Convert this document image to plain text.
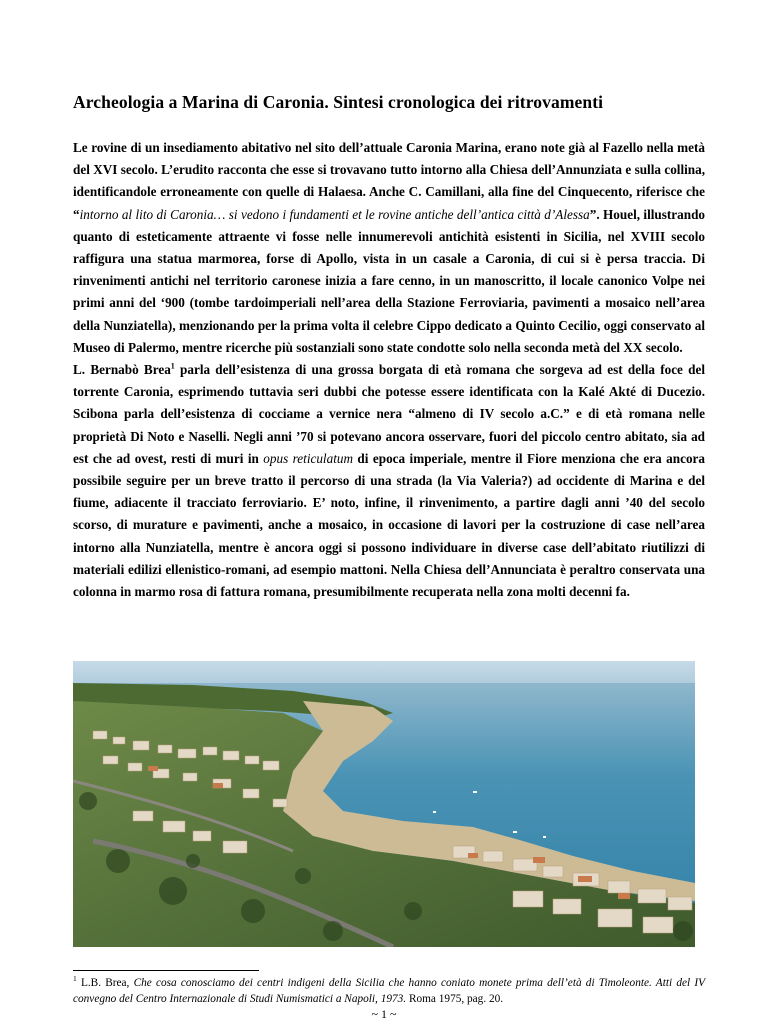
Archeologia a Marina di Caronia. Sintesi cronologica dei ritrovamenti

Le rovine di un insediamento abitativo nel sito dell’attuale Caronia Marina, erano note già al Fazello nella metà del XVI secolo. L’erudito racconta che esse si trovavano tutto intorno alla Chiesa dell’Annunziata e sulla collina, identificandole erroneamente con quelle di Halaesa. Anche C. Camillani, alla fine del Cinquecento, riferisce che “intorno al lito di Caronia… si vedono i fundamenti et le rovine antiche dell’antica città d’Alessa”. Houel, illustrando quanto di esteticamente attraente vi fosse nelle innumerevoli antichità esistenti in Sicilia, nel XVIII secolo raffigura una statua marmorea, forse di Apollo, vista in un casale a Caronia, di cui si è persa traccia. Di rinvenimenti antichi nel territorio caronese inizia a fare cenno, in un manoscritto, il locale canonico Volpe nei primi anni del ‘900 (tombe tardoimperiali nell’area della Stazione Ferroviaria, pavimenti a mosaico nell’area della Nunziatella), menzionando per la prima volta il celebre Cippo dedicato a Quinto Cecilio, oggi conservato al Museo di Palermo, mentre ricerche più sostanziali sono state condotte solo nella seconda metà del XX secolo.

L. Bernabò Brea$^1$ parla dell’esistenza di una grossa borgata di età romana che sorgeva ad est della foce del torrente Caronia, esprimendo tuttavia seri dubbi che potesse essere identificata con la Kalé Akté di Ducezio. Scibona parla dell’esistenza di cocciame a vernice nera “almeno di IV secolo a.C.” e di età romana nelle proprietà Di Noto e Naselli. Negli anni ’70 si potevano ancora osservare, fuori del piccolo centro abitato, sia ad est che ad ovest, resti di muri in opus reticulatum di epoca imperiale, mentre il Fiore menziona che era ancora possibile seguire per un breve tratto il percorso di una strada (la Via Valeria?) ad occidente di Marina e del fiume, adiacente il tracciato ferroviario. E’ noto, infine, il rinvenimento, a partire dagli anni ’40 del secolo scorso, di murature e pavimenti, anche a mosaico, in occasione di lavori per la costruzione di case nell’area intorno alla Nunziatella, mentre è ancora oggi si possono individuare in diverse case dell’abitato riutilizzi di materiali edilizi ellenistico-romani, ad esempio mattoni. Nella Chiesa dell’Annunciata è peraltro conservata una colonna in marmo rosa di fattura romana, presumibilmente recuperata nella zona molti decenni fa.

$^1$ L.B. Brea, Che cosa conosciamo dei centri indigeni della Sicilia che hanno coniato monete prima dell’età di Timoleonte. Atti del IV convegno del Centro Internazionale di Studi Numismatici a Napoli, 1973. Roma 1975, pag. 20.
~ 1 ~
